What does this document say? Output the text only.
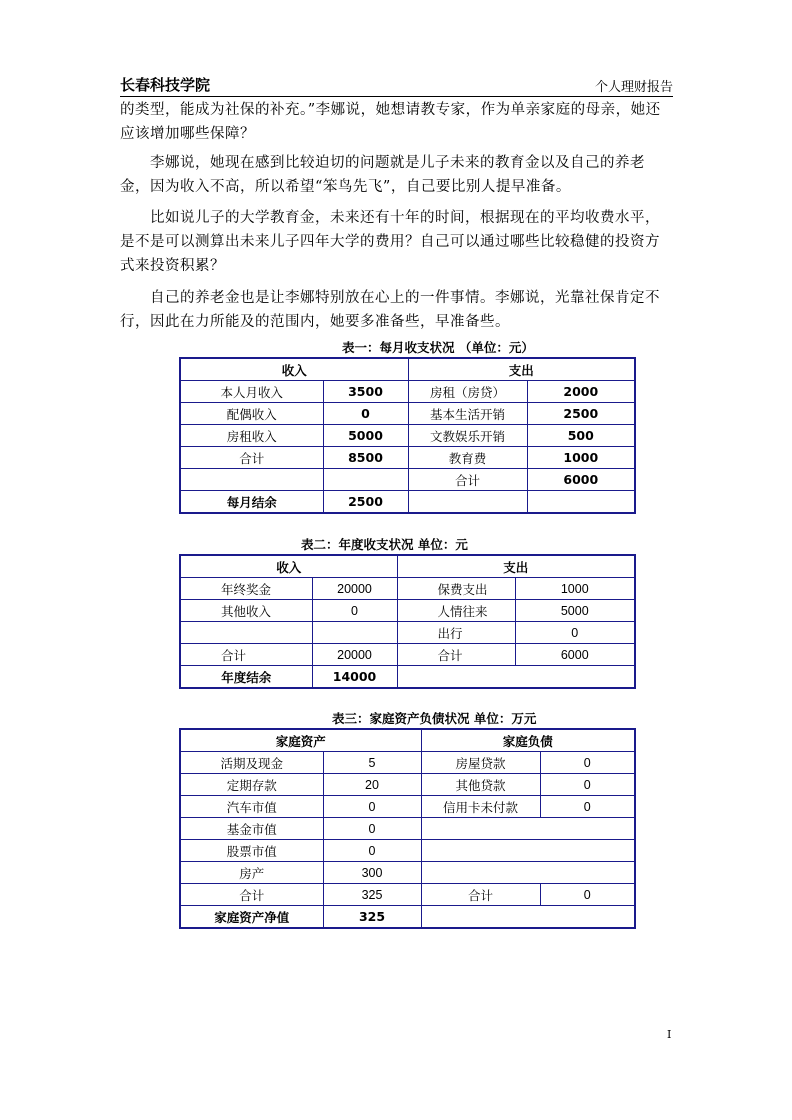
长春科技学院	个人理财报告
的类型，能成为社保的补充。”李娜说，她想请教专家，作为单亲家庭的母亲，她还应该增加哪些保障？
李娜说，她现在感到比较迫切的问题就是儿子未来的教育金以及自己的养老金，因为收入不高，所以希望“笨鸟先飞”，自己要比别人提早准备。
比如说儿子的大学教育金，未来还有十年的时间，根据现在的平均收费水平，是不是可以测算出未来儿子四年大学的费用？自己可以通过哪些比较稳健的投资方式来投资积累？
自己的养老金也是让李娜特别放在心上的一件事情。李娜说，光靠社保肯定不行，因此在力所能及的范围内，她要多准备些，早准备些。
表一：每月收支状况 （单位：元）
收入		支出	
本人月收入	3500	房租（房贷）	2000
配偶收入	0	基本生活开销	2500
房租收入	5000	文教娱乐开销	500
合计	8500	教育费	1000
		合计	6000
每月结余	2500		
表二：年度收支状况 单位：元
收入		支出	
年终奖金	20000	保费支出	1000
其他收入	0	人情往来	5000
		出行	0
合计	20000	合计	6000
年度结余	14000		
表三：家庭资产负债状况 单位：万元
家庭资产		家庭负债	
活期及现金	5	房屋贷款	0
定期存款	20	其他贷款	0
汽车市值	0	信用卡未付款	0
基金市值	0		
股票市值	0		
房产	300		
合计	325	合计	0
家庭资产净值	325		
I
